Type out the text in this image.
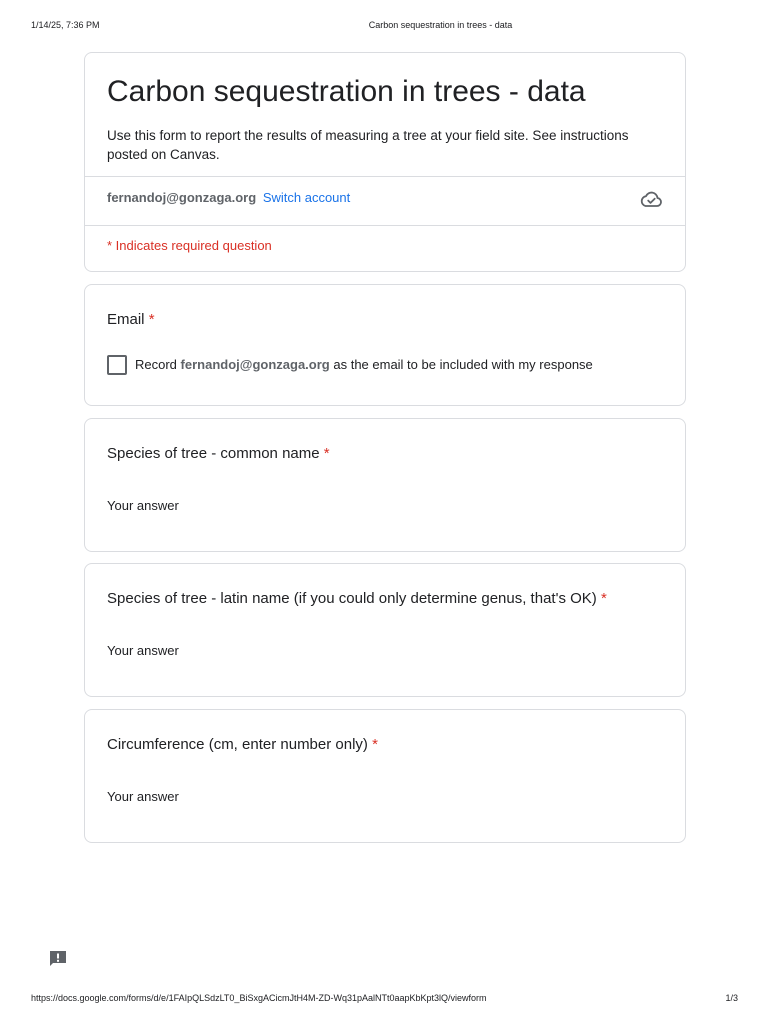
1/14/25, 7:36 PM	Carbon sequestration in trees - data
Carbon sequestration in trees - data
Use this form to report the results of measuring a tree at your field site. See instructions posted on Canvas.
fernandoj@gonzaga.org Switch account
* Indicates required question
Email *
Record fernandoj@gonzaga.org as the email to be included with my response
Species of tree - common name *
Your answer
Species of tree - latin name (if you could only determine genus, that's OK) *
Your answer
Circumference (cm, enter number only) *
Your answer
https://docs.google.com/forms/d/e/1FAIpQLSdzLT0_BiSxgACicmJtH4M-ZD-Wq31pAalNTt0aapKbKpt3lQ/viewform	1/3
